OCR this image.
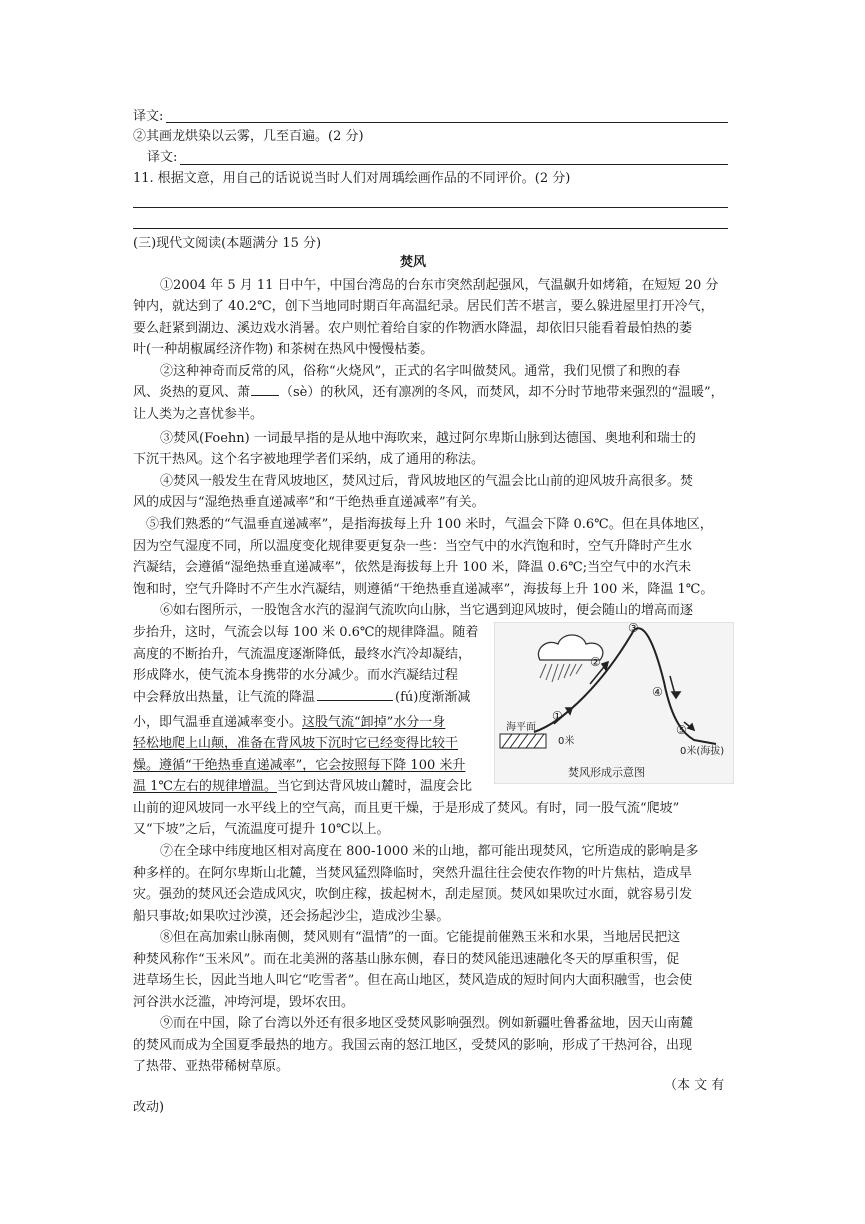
译文:
②其画龙烘染以云雾，几至百遍。(2 分)
译文:
11. 根据文意，用自己的话说说当时人们对周瑀绘画作品的不同评价。(2 分)
(三)现代文阅读(本题满分 15 分)
焚风
①2004 年 5 月 11 日中午，中国台湾岛的台东市突然刮起强风，气温飙升如烤箱，在短短 20 分
钟内，就达到了 40.2℃，创下当地同时期百年高温纪录。居民们苦不堪言，要么躲进屋里打开冷气，
要么赶紧到湖边、溪边戏水消暑。农户则忙着给自家的作物洒水降温，却依旧只能看着最怕热的萎
叶(一种胡椒属经济作物) 和茶树在热风中慢慢枯萎。
②这种神奇而反常的风，俗称“火烧风”，正式的名字叫做焚风。通常，我们见惯了和煦的春
风、炎热的夏风、萧 （sè）的秋风，还有凛冽的冬风，而焚风，却不分时节地带来强烈的“温暖”，
让人类为之喜忧参半。
③焚风(Foehn) 一词最早指的是从地中海吹来，越过阿尔卑斯山脉到达德国、奥地利和瑞士的
下沉干热风。这个名字被地理学者们采纳，成了通用的称法。
④焚风一般发生在背风坡地区，焚风过后，背风坡地区的气温会比山前的迎风坡升高很多。焚
风的成因与“湿绝热垂直递减率”和“干绝热垂直递减率”有关。
⑤我们熟悉的“气温垂直递减率”，是指海拔每上升 100 米时，气温会下降 0.6℃。但在具体地区，
因为空气湿度不同，所以温度变化规律要更复杂一些：当空气中的水汽饱和时，空气升降时产生水
汽凝结，会遵循“湿绝热垂直递减率”，依然是海拔每上升 100 米，降温 0.6℃;当空气中的水汽未
饱和时，空气升降时不产生水汽凝结，则遵循“干绝热垂直递减率”，海拔每上升 100 米，降温 1℃。
⑥如右图所示，一股饱含水汽的湿润气流吹向山脉，当它遇到迎风坡时，便会随山的增高而逐
步抬升，这时，气流会以每 100 米 0.6℃的规律降温。随着
高度的不断抬升，气流温度逐渐降低，最终水汽冷却凝结，
形成降水，使气流本身携带的水分减少。而水汽凝结过程
中会释放出热量，让气流的降温	(fú)度渐渐减
小，即气温垂直递减率变小。这股气流“卸掉”水分一身
轻松地爬上山颠，准备在背风坡下沉时它已经变得比较干
燥。遵循“干绝热垂直递减率”，它会按照每下降 100 米升
温 1℃左右的规律增温。当它到达背风坡山麓时，温度会比
山前的迎风坡同一水平线上的空气高，而且更干燥，于是形成了焚风。有时，同一股气流“爬坡”
又“下坡”之后，气流温度可提升 10℃以上。
①
②
③
④
⑤
海平面
0米
0米(海拔)
焚风形成示意图
⑦在全球中纬度地区相对高度在 800-1000 米的山地，都可能出现焚风，它所造成的影响是多
种多样的。在阿尔卑斯山北麓，当焚风猛烈降临时，突然升温往往会使农作物的叶片焦枯，造成旱
灾。强劲的焚风还会造成风灾，吹倒庄稼，拔起树木，刮走屋顶。焚风如果吹过水面，就容易引发
船只事故;如果吹过沙漠，还会扬起沙尘，造成沙尘暴。
⑧但在高加索山脉南侧，焚风则有“温情”的一面。它能提前催熟玉米和水果，当地居民把这
种焚风称作“玉米风”。而在北美洲的落基山脉东侧，春日的焚风能迅速融化冬天的厚重积雪，促
进草场生长，因此当地人叫它“吃雪者”。但在高山地区，焚风造成的短时间内大面积融雪，也会使
河谷洪水泛滥，冲垮河堤，毁坏农田。
⑨而在中国，除了台湾以外还有很多地区受焚风影响强烈。例如新疆吐鲁番盆地，因天山南麓
的焚风而成为全国夏季最热的地方。我国云南的怒江地区，受焚风的影响，形成了干热河谷，出现
了热带、亚热带稀树草原。
（本 文 有
改动)
